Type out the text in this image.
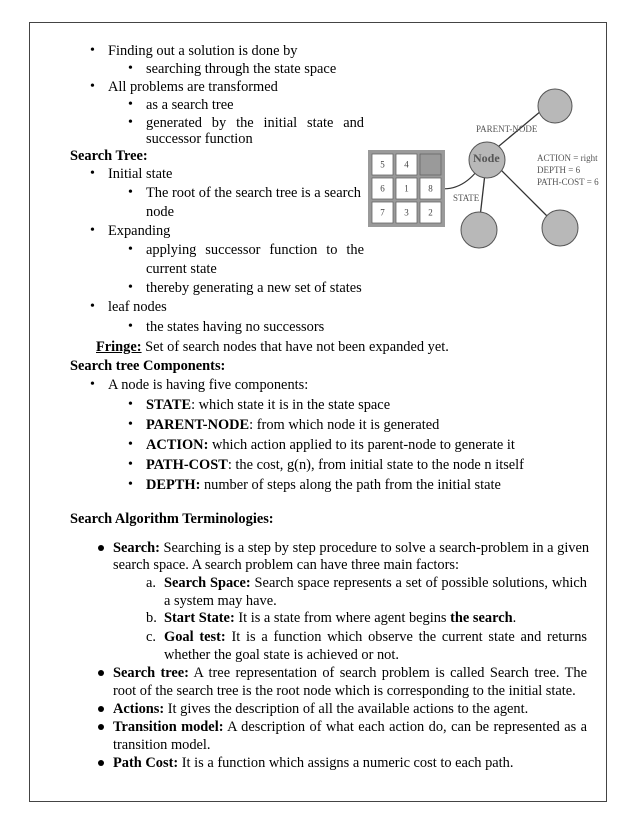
• Finding out a solution is done by
• searching through the state space
• All problems are transformed
• as a search tree
• generated by the initial state and
successor function
Search Tree:
• Initial state
• The root of the search tree is a search
node
• Expanding
• applying successor function to the
current state
• thereby generating a new set of states
• leaf nodes
• the states having no successors
Fringe: Set of search nodes that have not been expanded yet.
PARENT-NODE
Node	ACTION = right
DEPTH = 6
PATH-COST = 6
STATE
5 4
6 1 8
7 3 2
Search tree Components:
• A node is having five components:
• STATE: which state it is in the state space
• PARENT-NODE: from which node it is generated
• ACTION: which action applied to its parent-node to generate it
• PATH-COST: the cost, g(n), from initial state to the node n itself
• DEPTH: number of steps along the path from the initial state
Search Algorithm Terminologies:
Search: Searching is a step by step procedure to solve a search-problem in a given
search space. A search problem can have three main factors:
a. Search Space: Search space represents a set of possible solutions, which
a system may have.
b. Start State: It is a state from where agent begins the search.
c. Goal test: It is a function which observe the current state and returns
whether the goal state is achieved or not.
Search tree: A tree representation of search problem is called Search tree. The
root of the search tree is the root node which is corresponding to the initial state.
Actions: It gives the description of all the available actions to the agent.
Transition model: A description of what each action do, can be represented as a
transition model.
Path Cost: It is a function which assigns a numeric cost to each path.
